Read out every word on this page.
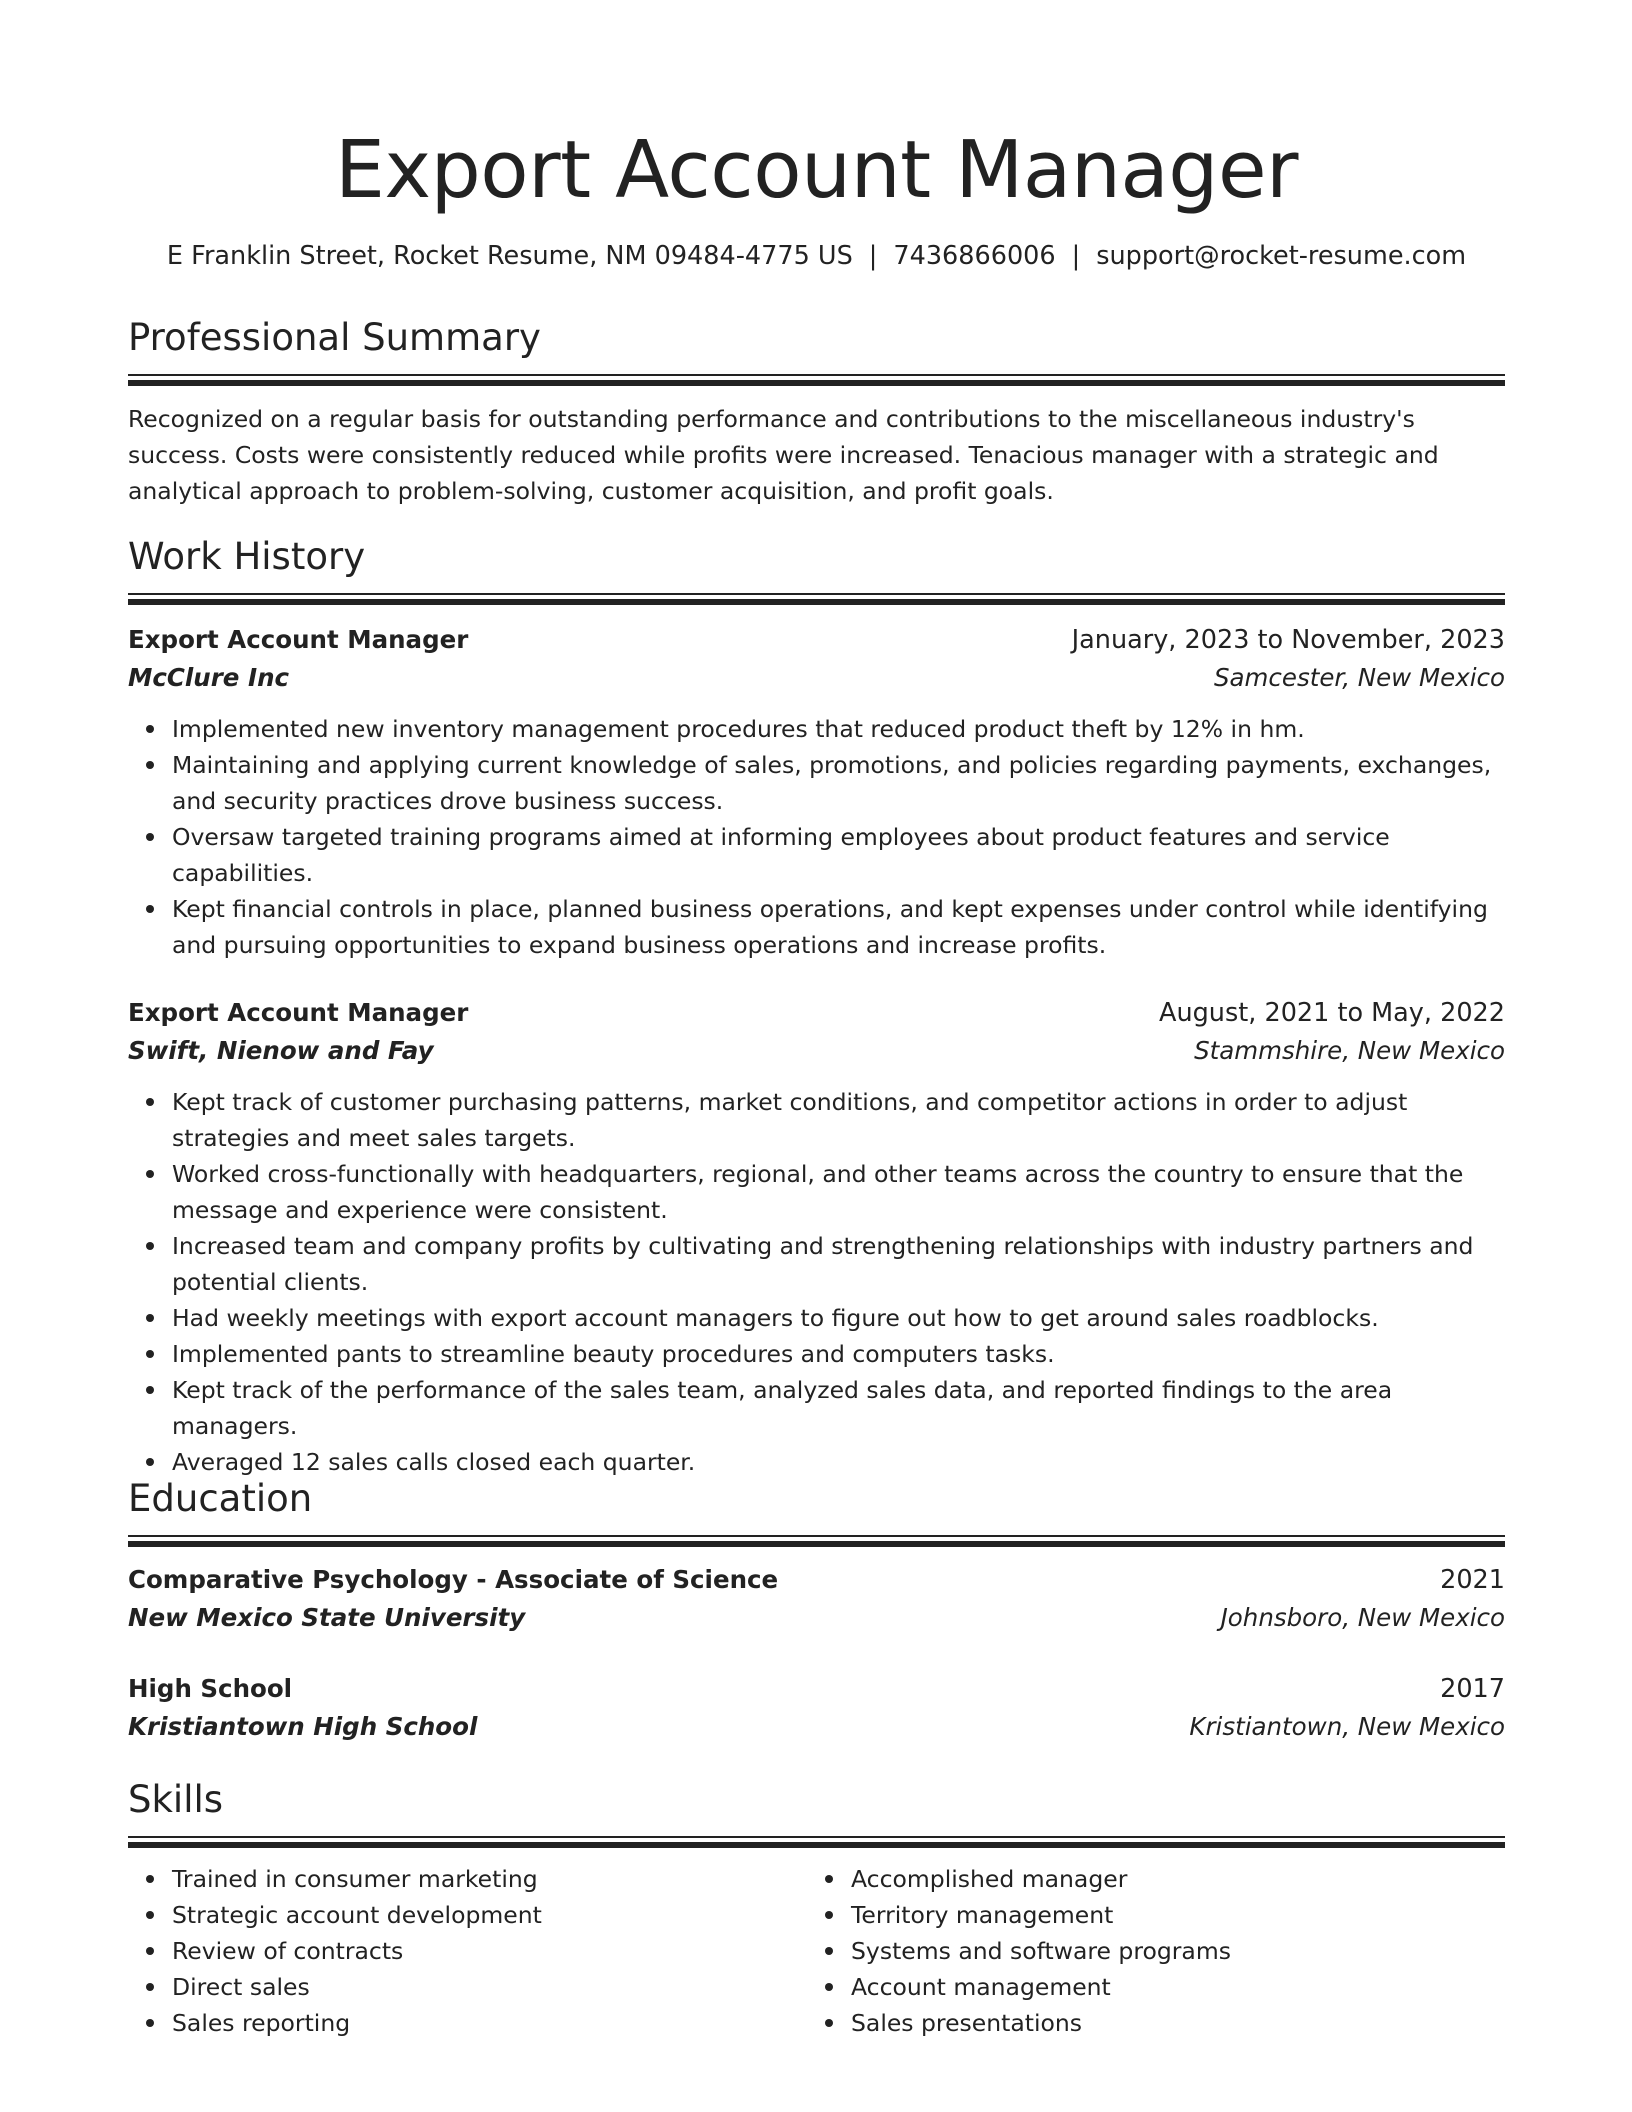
Export Account Manager
E Franklin Street, Rocket Resume, NM 09484-4775 US | 7436866006 | support@rocket-resume.com
Professional Summary
Recognized on a regular basis for outstanding performance and contributions to the miscellaneous industry's success. Costs were consistently reduced while profits were increased. Tenacious manager with a strategic and analytical approach to problem-solving, customer acquisition, and profit goals.
Work History
Export Account Manager	January, 2023 to November, 2023
McClure Inc	Samcester, New Mexico
Implemented new inventory management procedures that reduced product theft by 12% in hm.
Maintaining and applying current knowledge of sales, promotions, and policies regarding payments, exchanges, and security practices drove business success.
Oversaw targeted training programs aimed at informing employees about product features and service capabilities.
Kept financial controls in place, planned business operations, and kept expenses under control while identifying and pursuing opportunities to expand business operations and increase profits.
Export Account Manager	August, 2021 to May, 2022
Swift, Nienow and Fay	Stammshire, New Mexico
Kept track of customer purchasing patterns, market conditions, and competitor actions in order to adjust strategies and meet sales targets.
Worked cross-functionally with headquarters, regional, and other teams across the country to ensure that the message and experience were consistent.
Increased team and company profits by cultivating and strengthening relationships with industry partners and potential clients.
Had weekly meetings with export account managers to figure out how to get around sales roadblocks.
Implemented pants to streamline beauty procedures and computers tasks.
Kept track of the performance of the sales team, analyzed sales data, and reported findings to the area managers.
Averaged 12 sales calls closed each quarter.
Education
Comparative Psychology - Associate of Science	2021
New Mexico State University	Johnsboro, New Mexico
High School	2017
Kristiantown High School	Kristiantown, New Mexico
Skills
Trained in consumer marketing
Strategic account development
Review of contracts
Direct sales
Sales reporting
Accomplished manager
Territory management
Systems and software programs
Account management
Sales presentations
